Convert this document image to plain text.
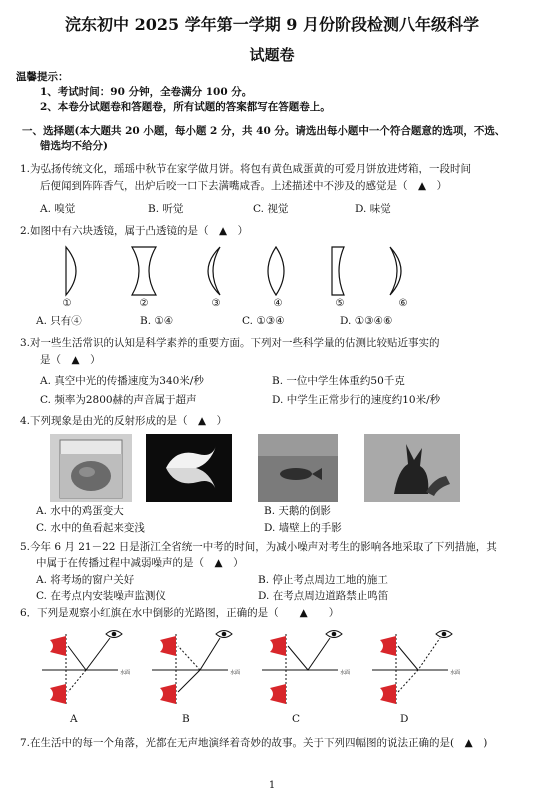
浣东初中 2025 学年第一学期 9 月份阶段检测八年级科学
试题卷
温馨提示：
1、考试时间：90 分钟，全卷满分 100 分。
2、本卷分试题卷和答题卷，所有试题的答案都写在答题卷上。
一、选择题(本大题共 20 小题，每小题 2 分，共 40 分。请选出每小题中一个符合题意的选项，不选、
错选均不给分)
1.为弘扬传统文化，瑶瑶中秋节在家学做月饼。将包有黄色咸蛋黄的可爱月饼放进烤箱，一段时间
后便闻到阵阵香气，出炉后咬一口下去满嘴咸香。上述描述中不涉及的感觉是（　▲　）
A. 嗅觉	B. 听觉	C. 视觉	D. 味觉
2.如图中有六块透镜，属于凸透镜的是（　▲　）
①	②	③	④	⑤	⑥
A. 只有④	B. ①④	C. ①③④	D. ①③④⑥
3.对一些生活常识的认知是科学素养的重要方面。下列对一些科学量的估测比较贴近事实的
是（　▲　）
A. 真空中光的传播速度为340米/秒	B. 一位中学生体重约50千克
C. 频率为2800赫的声音属于超声	D. 中学生正常步行的速度约10米/秒
4.下列现象是由光的反射形成的是（　▲　）
A. 水中的鸡蛋变大	B. 天鹅的倒影
C. 水中的鱼看起来变浅	D. 墙壁上的手影
5.今年 6 月 21－22 日是浙江全省统一中考的时间，为减小噪声对考生的影响各地采取了下列措施，其
中属于在传播过程中减弱噪声的是（　▲　）
A. 将考场的窗户关好	B. 停止考点周边工地的施工
C. 在考点内安装噪声监测仪	D. 在考点周边道路禁止鸣笛
6．下列是观察小红旗在水中倒影的光路图，正确的是（　　▲　　）
水面	水面	水面	水面
A	B	C	D
7.在生活中的每一个角落，光都在无声地演绎着奇妙的故事。关于下列四幅图的说法正确的是(　▲　)
1
